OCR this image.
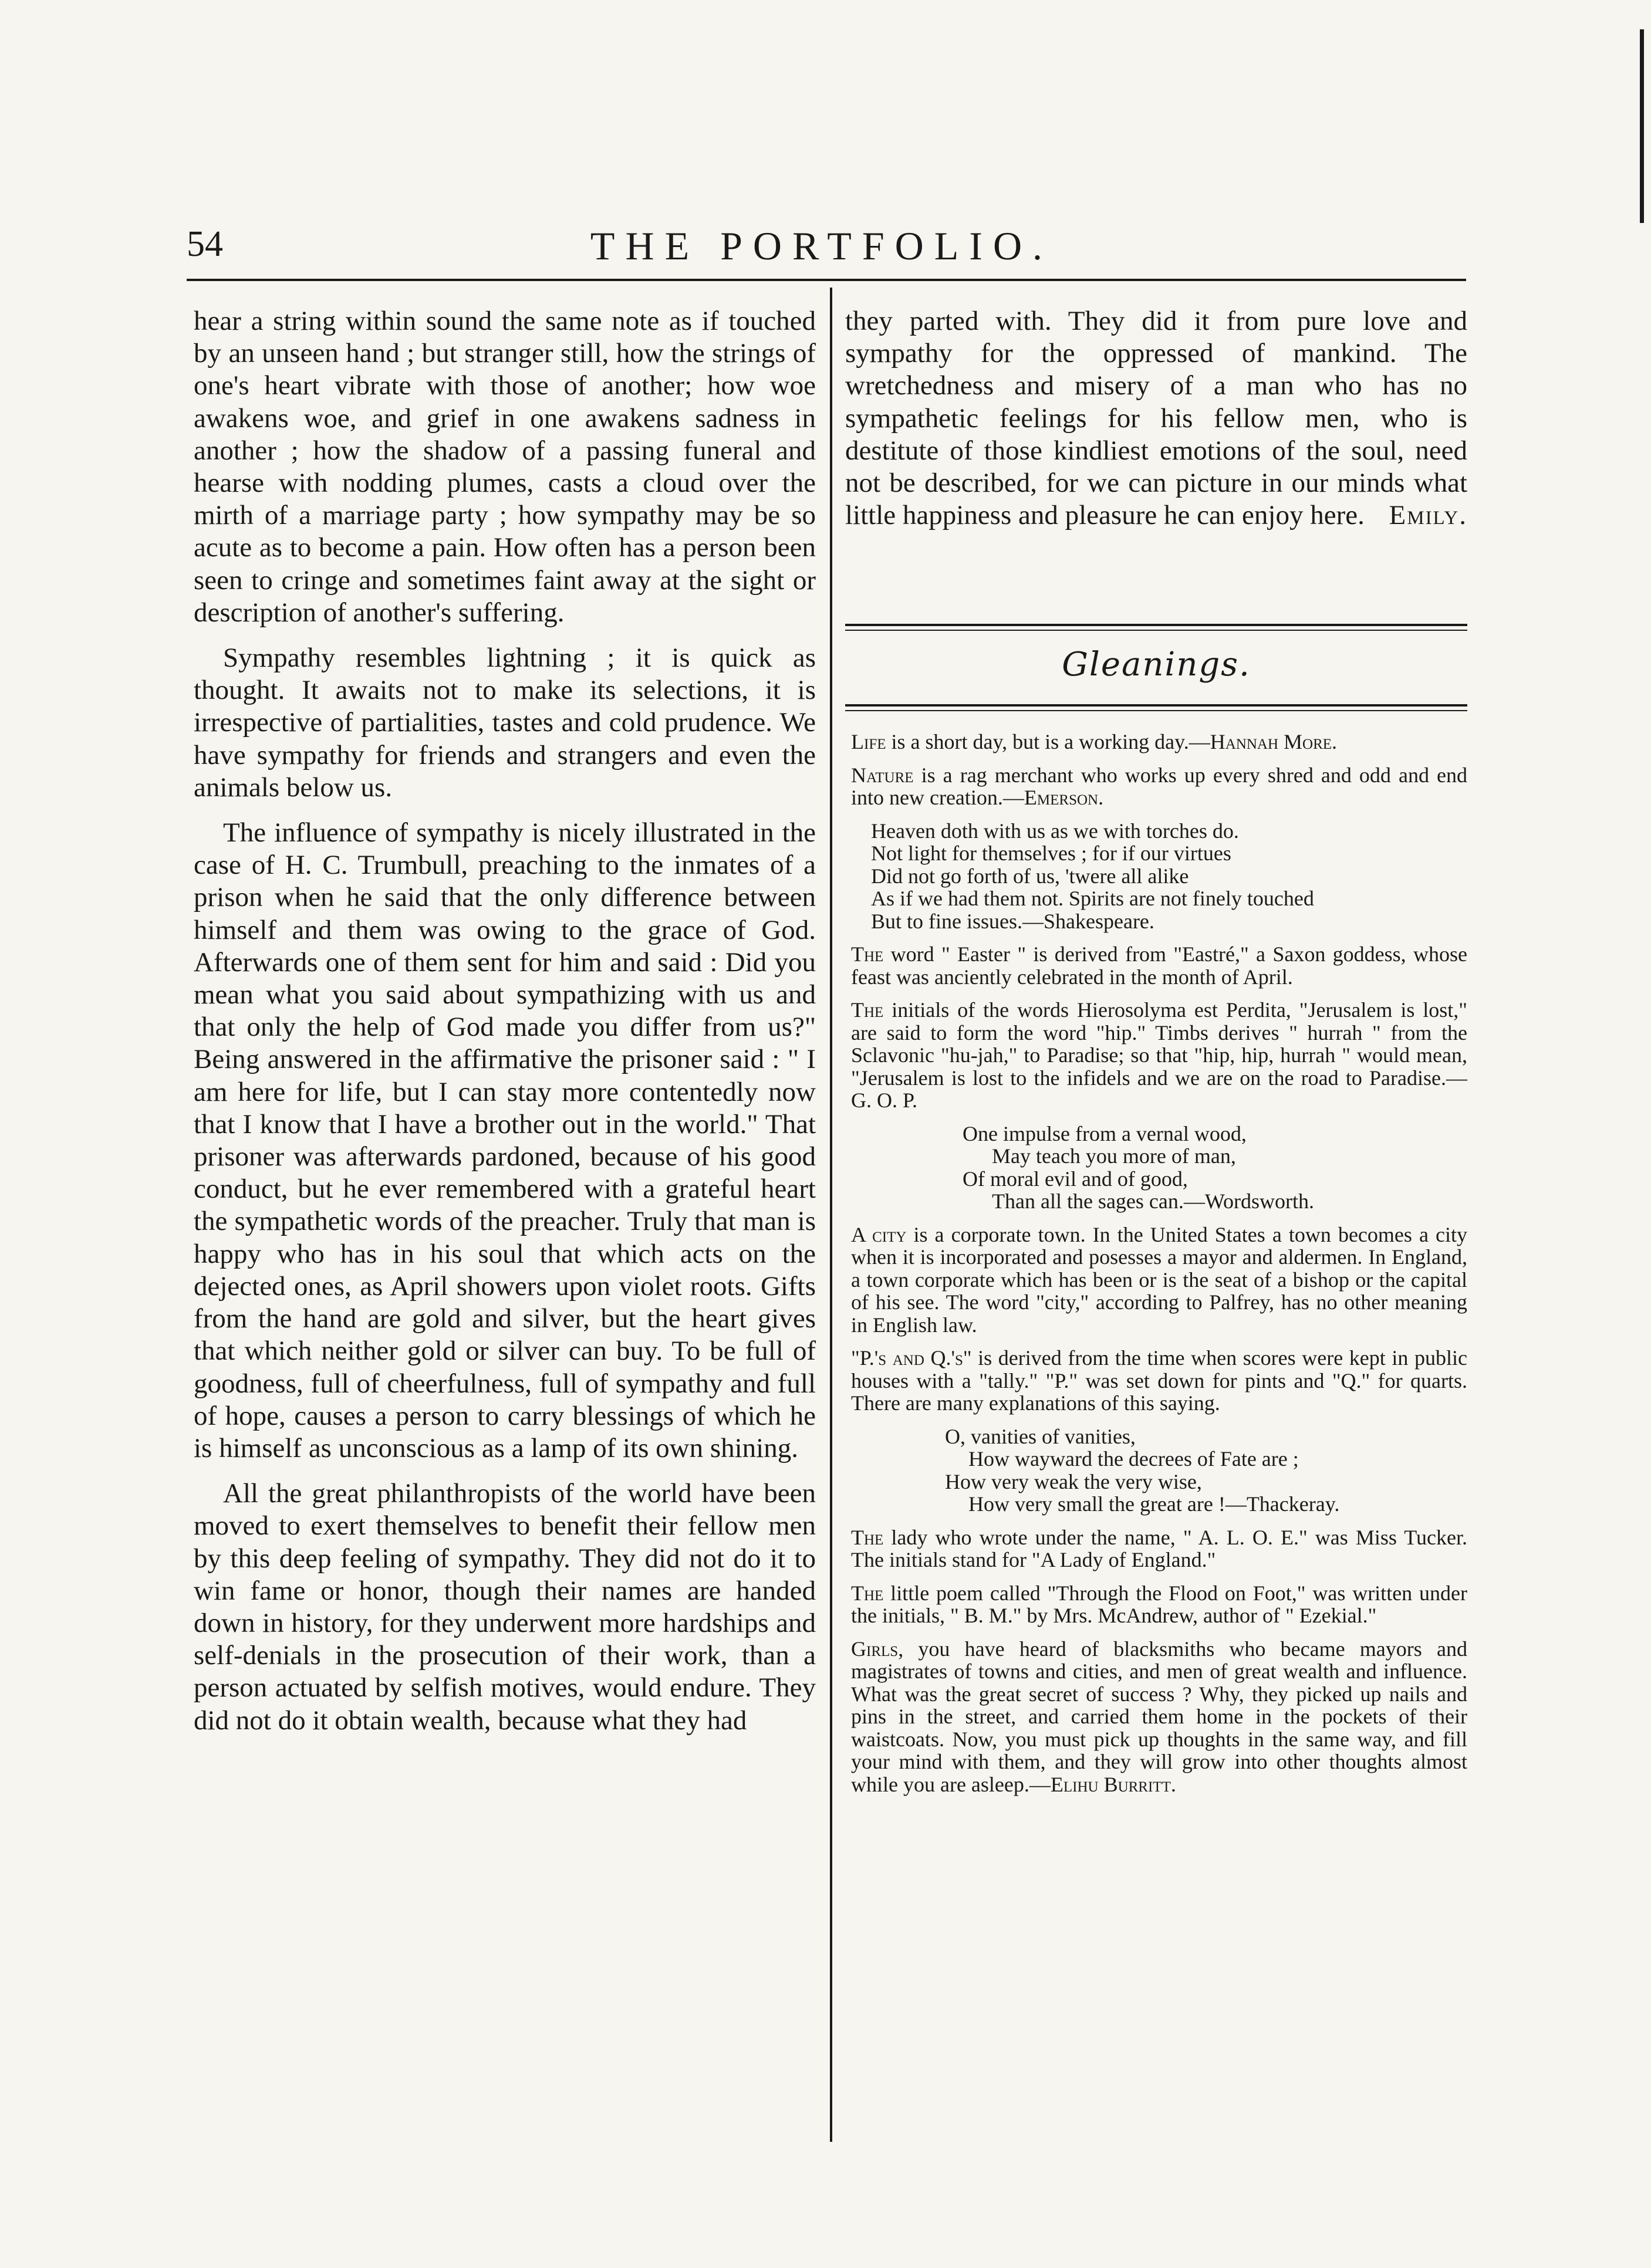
54	THE PORTFOLIO.

hear a string within sound the same note as if touched by an unseen hand ; but stranger still, how the strings of one's heart vibrate with those of another; how woe awakens woe, and grief in one awakens sadness in another ; how the shadow of a passing funeral and hearse with nodding plumes, casts a cloud over the mirth of a marriage party ; how sympathy may be so acute as to become a pain. How often has a person been seen to cringe and sometimes faint away at the sight or description of another's suffering.

Sympathy resembles lightning ; it is quick as thought. It awaits not to make its selections, it is irrespective of partialities, tastes and cold prudence. We have sympathy for friends and strangers and even the animals below us.

The influence of sympathy is nicely illustrated in the case of H. C. Trumbull, preaching to the inmates of a prison when he said that the only difference between himself and them was owing to the grace of God. Afterwards one of them sent for him and said : Did you mean what you said about sympathizing with us and that only the help of God made you differ from us?" Being answered in the affirmative the prisoner said : " I am here for life, but I can stay more contentedly now that I know that I have a brother out in the world." That prisoner was afterwards pardoned, because of his good conduct, but he ever remembered with a grateful heart the sympathetic words of the preacher. Truly that man is happy who has in his soul that which acts on the dejected ones, as April showers upon violet roots. Gifts from the hand are gold and silver, but the heart gives that which neither gold or silver can buy. To be full of goodness, full of cheerfulness, full of sympathy and full of hope, causes a person to carry blessings of which he is himself as unconscious as a lamp of its own shining.

All the great philanthropists of the world have been moved to exert themselves to benefit their fellow men by this deep feeling of sympathy. They did not do it to win fame or honor, though their names are handed down in history, for they underwent more hardships and self-denials in the prosecution of their work, than a person actuated by selfish motives, would endure. They did not do it obtain wealth, because what they had

they parted with. They did it from pure love and sympathy for the oppressed of mankind. The wretchedness and misery of a man who has no sympathetic feelings for his fellow men, who is destitute of those kindliest emotions of the soul, need not be described, for we can picture in our minds what little happiness and pleasure he can enjoy here. Emily.

Gleanings.

Life is a short day, but is a working day.—Hannah More.

Nature is a rag merchant who works up every shred and odd and end into new creation.—Emerson.

Heaven doth with us as we with torches do.
Not light for themselves ; for if our virtues
Did not go forth of us, 'twere all alike
As if we had them not. Spirits are not finely touched
But to fine issues.—Shakespeare.

The word " Easter " is derived from "Eastré," a Saxon goddess, whose feast was anciently celebrated in the month of April.

The initials of the words Hierosolyma est Perdita, "Jerusalem is lost," are said to form the word "hip." Timbs derives " hurrah " from the Sclavonic "hu-jah," to Paradise; so that "hip, hip, hurrah " would mean, "Jerusalem is lost to the infidels and we are on the road to Paradise.— G. O. P.

One impulse from a vernal wood,
May teach you more of man,
Of moral evil and of good,
Than all the sages can.—Wordsworth.

A city is a corporate town. In the United States a town becomes a city when it is incorporated and posesses a mayor and aldermen. In England, a town corporate which has been or is the seat of a bishop or the capital of his see. The word "city," according to Palfrey, has no other meaning in English law.

"P.'s and Q.'s" is derived from the time when scores were kept in public houses with a "tally." "P." was set down for pints and "Q." for quarts. There are many explanations of this saying.

O, vanities of vanities,
How wayward the decrees of Fate are ;
How very weak the very wise,
How very small the great are !—Thackeray.

The lady who wrote under the name, " A. L. O. E." was Miss Tucker. The initials stand for "A Lady of England."

The little poem called "Through the Flood on Foot," was written under the initials, " B. M." by Mrs. McAndrew, author of " Ezekial."

Girls, you have heard of blacksmiths who became mayors and magistrates of towns and cities, and men of great wealth and influence. What was the great secret of success ? Why, they picked up nails and pins in the street, and carried them home in the pockets of their waistcoats. Now, you must pick up thoughts in the same way, and fill your mind with them, and they will grow into other thoughts almost while you are asleep.—Elihu Burritt.
